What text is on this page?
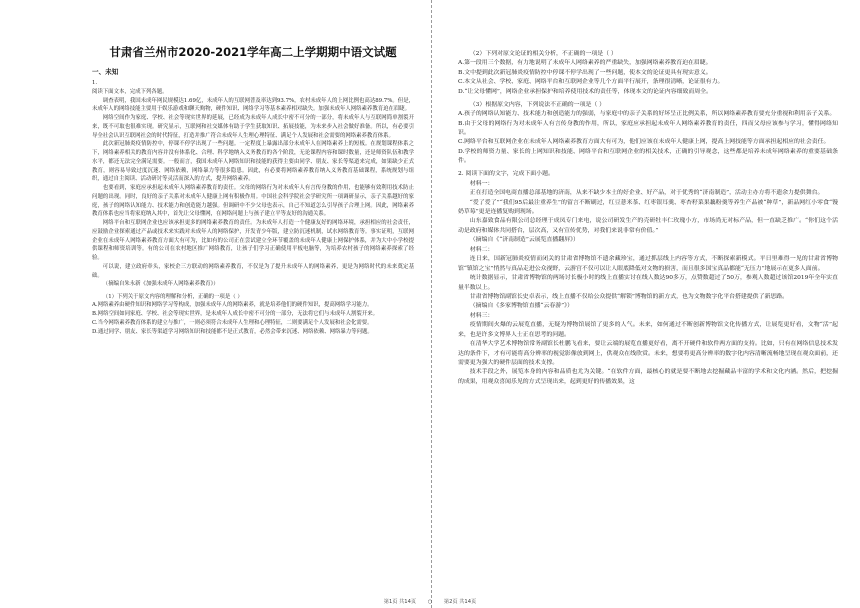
甘肃省兰州市2020-2021学年高二上学期期中语文试题
一、未知

1.

阅读下面文本，完成下列各题。

调查表明，我国未成年网民规模达1.69亿，未成年人的互联网普及率达到93.7%，农村未成年人的上网比例也高达89.7%。但是，未成年人的网络技能主要用于娱乐游戏和聊天购物，硬件知识、网络学习等基本素养相对缺失。加强未成年人网络素养教育迫在眉睫。

网络空间作为家庭、学校、社会等现实世界的延展，已经成为未成年人成长中密不可分的一部分，将未成年人与互联网简单割裂开来，既不可取也很难实现。研究显示，互联网和社交媒体有助于学生获取知识、拓展技能，为未来步入社会做好准备。所以，有必要引导全社会认识互联网社会的时代特征，打造并推广符合未成年人生理心理特征、满足个人发展和社会需要的网络素养教育体系。

此次新冠肺炎疫情防控中，停课不停学出现了一些问题。一定程度上暴露出部分未成年人在网络素养上的短板。在规划课程体系之下，网络素养相关的教育内容并没有体系化、合理、科学地纳入义务教育的各个阶段，无论课程内容和课时数量，还是师资队伍和教学水平，都还无法完全满足需要。一般而言，我国未成年人网络知识和技能的获得主要由同学、朋友、家长等渠道来完成，如果缺少正式教育，则容易导致过度沉迷、网络依赖，网络暴力等很多隐患。因此，有必要将网络素养教育纳入义务教育基础课程，系统规划与组织，通过自主阅读、活动研讨等灵活而深入的方式，提升网络素养。

也要看到，家庭应承担起未成年人网络素养教育的责任。父母的网络行为对未成年人有言传身教的作用，也能够有效利用技术防止问题的出现。同时，良好的亲子关系对未成年人健康上网有积极作用。中国社会科学院社会学研究所一项调研显示，亲子关系越好的家庭，孩子的网络认知能力、技术能力和创造能力越强。但调研中不少父母也表示，自己不知道怎么引导孩子合理上网。因此，网络素养教育体系也应当将家庭纳入其中，首先让父母懂网，在网络问题上与孩子建立平等友好的沟通关系。

网络平台和互联网企业也应该承担更多的网络素养教育的责任。为未成年人打造一个健康友好的网络环境，承担相应的社会责任，应鼓励企业探索通过产品或技术来实践对未成年人的网络保护，开发青少年版，建立防沉迷机制，试水网络教育等。事实证明，互联网企业在未成年人网络素养教育方面大有可为，比如有的公司正在尝试建立全环节覆盖的未成年人健康上网保护体系，并为大中小学校提供课程和师资培训等。有的公司在农村地区推广网络教育，让孩子们学习正确使用平板电脑等，为培养农村孩子的网络素养探索了经验。

可以说，建立政府牵头，家校企三方联动的网络素养教育，不仅是为了提升未成年人的网络素养，更是为网络时代的未来奠定基础。

（摘编自朱永新《加强未成年人网络素养教育》）

（1）下列关于原文内容的理解和分析，正确的一项是（ ）

A.网络素养由硬件知识和网络学习等构成，加强未成年人的网络素养，就是培养他们的硬件知识，提高网络学习能力。

B.网络空间如同家庭、学校、社会等现实世界，是未成年人成长中密不可分的一部分，无法将它们与未成年人割裂开来。

C.当今网络素养教育体系的建立与推广，一则必须符合未成年人生理和心理特征，二则要满足个人发展和社会化需要。

D.通过同学、朋友、家长等渠道学习网络知识和技能都不是正式教育，必然会带来沉迷、网络依赖、网络暴力等问题。

（2）下列对原文论证的相关分析，不正确的一项是（ ）

A.第一段用三个数据，有力地说明了未成年人网络素养的严重缺失，加强网络素养教育迫在眉睫。

B.文中提到此次新冠肺炎疫情防控中停课不停学出现了一些问题，使本文的论证更具有现实意义。

C.本文从社会、学校、家庭、网络平台和互联网企业等几个方面平行展开，条理很清晰，论证很有力。

D.“让父母懂网”，网络企业承担保护和培养使用技术的责任等，体现本文的论证内容细致而周全。

（3）根据原文内容，下列说法不正确的一项是（ ）

A.孩子的网络认知能力、技术能力和创造能力的强弱，与家庭中的亲子关系的好坏呈正比例关系，所以网络素养教育要充分重视和利用亲子关系。

B.由于父母的网络行为对未成年人有言传身教的作用，所以，家庭应承担起未成年人网络素养教育的责任，四而父母应该参与学习，懂得网络知识。

C.网络平台和互联网企业在未成年人网络素养教育方面大有可为，他们应该在未成年人健康上网，提高上网技能等方面承担起相应的社会责任。

D.学校的师资力量、家长的上网知识和技能、网络平台和互联网企业的相关技术，正确的引导观念，这些都是培养未成年网络素养的重要基础条件。

2. 阅读下面的文字，完成下面小题。

材料一：

正在打造全国电商直播总部基地的济南，从来不缺少本土的好企业、好产品，对于优秀的“济南制造”，活动主办方将不遗余力提供舞台。

“爱了爱了”“我们95后最注重养生”的留言不断刷过，红豆薏米茶、红枣银耳羹、枣杏籽菜果藕粉羹等养生产品被“种草”，新品网红小零食“馒奶草莓”更是连播复购到现场。

山东嘉致食品有限公司总经理于成凤专门来电，说公司研发生产的壳研牡丰仁玫瑰小方，市场尚无对标产品，但一直缺乏推广。“你们这个活动是政府和媒体共同搭台，层次高，又有宣传优势，对我们来说非常有价值。”

（摘编自《“济南制造”云展览直播翻屏》）

材料二：

连日来，国新冠肺炎疫情而闭关的甘肃省博物馆不遗余藏珍宝，通过抓层线上内容等方式，不断探索新模式。平日里难得一见的甘肃省博物馆“镇馆之宝”悄然与真品走进公众视野，云游宫不仅可以让人眼底降低对文物的损害，而且很多国宝真品都能“无压力”地展示在更多人面前。

统计数据显示，甘肃省博物馆的两场讨长极小时的线上直播实讨在线人数达90多万，点赞数超过了50万，参观人数超过该馆2019年全年实直量半数以上。

甘肃省博物馆副馆长史卓表示，线上直播不仅给公众提供“解锁”博物馆的新方式，也为文物数字化平台搭建提供了新思路。

（摘编自《多家博物馆直播“云春游”》）

材料三：

疫情期间火爆的云展览直播，无疑为博物馆展馆了更多的人气。未来，如何通过不断创新博物馆文化传播方式，让展览更好看，文物“活”起来，也是许多文博界人士正在思考的问题。

在清华大学艺术博物馆常务副馆长杜鹏飞看来，要让云端的展览直播更好看，离不开硬件和软件两方面的支持。比如，只有在网络信息技术发达的条件下，才有可能将高分辨率的视觉影像放到网上，供观众在线欣赏。未来，想要将更高分辨率的数字化内容清晰流畅地呈现在观众面前，还需要更为强大的硬件层面的技术支撑。

技术手段之外，展览本身的内容和品质也尤为关键。“在软件方面，最核心的就是要不断地去挖掘藏品丰富的学术和文化内涵。然后，把挖掘的成果，用观众喜闻乐见的方式呈现出来，起到更好的传播效果，这

第1页 共14页 ○ 第2页 共14页
